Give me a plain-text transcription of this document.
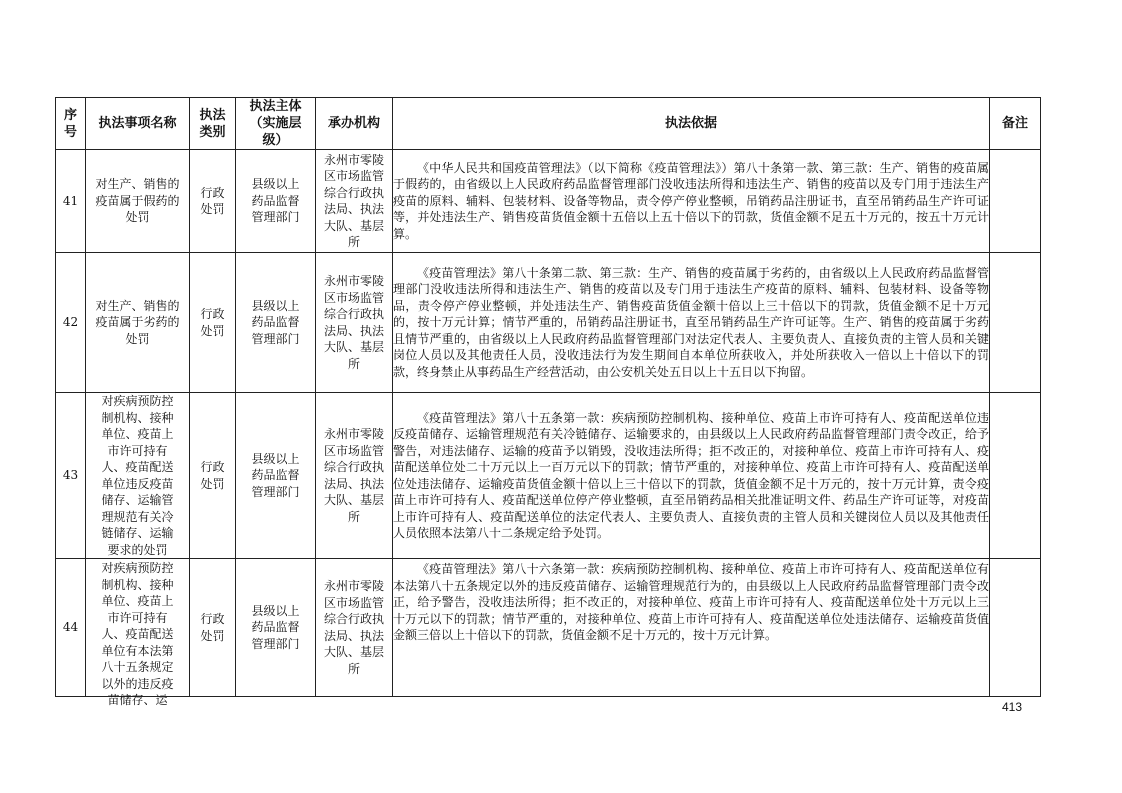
序号	执法事项名称	执法类别	执法主体（实施层级）	承办机构	执法依据	备注
41	对生产、销售的疫苗属于假药的处罚	行政处罚	县级以上药品监督管理部门	永州市零陵区市场监管综合行政执法局、执法大队、基层所	《中华人民共和国疫苗管理法》（以下简称《疫苗管理法》）第八十条第一款、第三款：生产、销售的疫苗属于假药的，由省级以上人民政府药品监督管理部门没收违法所得和违法生产、销售的疫苗以及专门用于违法生产疫苗的原料、辅料、包装材料、设备等物品，责令停产停业整顿，吊销药品注册证书，直至吊销药品生产许可证等，并处违法生产、销售疫苗货值金额十五倍以上五十倍以下的罚款，货值金额不足五十万元的，按五十万元计算。	
42	对生产、销售的疫苗属于劣药的处罚	行政处罚	县级以上药品监督管理部门	永州市零陵区市场监管综合行政执法局、执法大队、基层所	《疫苗管理法》第八十条第二款、第三款：生产、销售的疫苗属于劣药的，由省级以上人民政府药品监督管理部门没收违法所得和违法生产、销售的疫苗以及专门用于违法生产疫苗的原料、辅料、包装材料、设备等物品，责令停产停业整顿，并处违法生产、销售疫苗货值金额十倍以上三十倍以下的罚款，货值金额不足十万元的，按十万元计算；情节严重的，吊销药品注册证书，直至吊销药品生产许可证等。生产、销售的疫苗属于劣药且情节严重的，由省级以上人民政府药品监督管理部门对法定代表人、主要负责人、直接负责的主管人员和关键岗位人员以及其他责任人员，没收违法行为发生期间自本单位所获收入，并处所获收入一倍以上十倍以下的罚款，终身禁止从事药品生产经营活动，由公安机关处五日以上十五日以下拘留。	
43	对疾病预防控制机构、接种单位、疫苗上市许可持有人、疫苗配送单位违反疫苗储存、运输管理规范有关冷链储存、运输要求的处罚	行政处罚	县级以上药品监督管理部门	永州市零陵区市场监管综合行政执法局、执法大队、基层所	《疫苗管理法》第八十五条第一款：疾病预防控制机构、接种单位、疫苗上市许可持有人、疫苗配送单位违反疫苗储存、运输管理规范有关冷链储存、运输要求的，由县级以上人民政府药品监督管理部门责令改正，给予警告，对违法储存、运输的疫苗予以销毁，没收违法所得；拒不改正的，对接种单位、疫苗上市许可持有人、疫苗配送单位处二十万元以上一百万元以下的罚款；情节严重的，对接种单位、疫苗上市许可持有人、疫苗配送单位处违法储存、运输疫苗货值金额十倍以上三十倍以下的罚款，货值金额不足十万元的，按十万元计算，责令疫苗上市许可持有人、疫苗配送单位停产停业整顿，直至吊销药品相关批准证明文件、药品生产许可证等，对疫苗上市许可持有人、疫苗配送单位的法定代表人、主要负责人、直接负责的主管人员和关键岗位人员以及其他责任人员依照本法第八十二条规定给予处罚。	
44	对疾病预防控制机构、接种单位、疫苗上市许可持有人、疫苗配送单位有本法第八十五条规定以外的违反疫苗储存、运	行政处罚	县级以上药品监督管理部门	永州市零陵区市场监管综合行政执法局、执法大队、基层所	《疫苗管理法》第八十六条第一款：疾病预防控制机构、接种单位、疫苗上市许可持有人、疫苗配送单位有本法第八十五条规定以外的违反疫苗储存、运输管理规范行为的，由县级以上人民政府药品监督管理部门责令改正，给予警告，没收违法所得；拒不改正的，对接种单位、疫苗上市许可持有人、疫苗配送单位处十万元以上三十万元以下的罚款；情节严重的，对接种单位、疫苗上市许可持有人、疫苗配送单位处违法储存、运输疫苗货值金额三倍以上十倍以下的罚款，货值金额不足十万元的，按十万元计算。	
413
